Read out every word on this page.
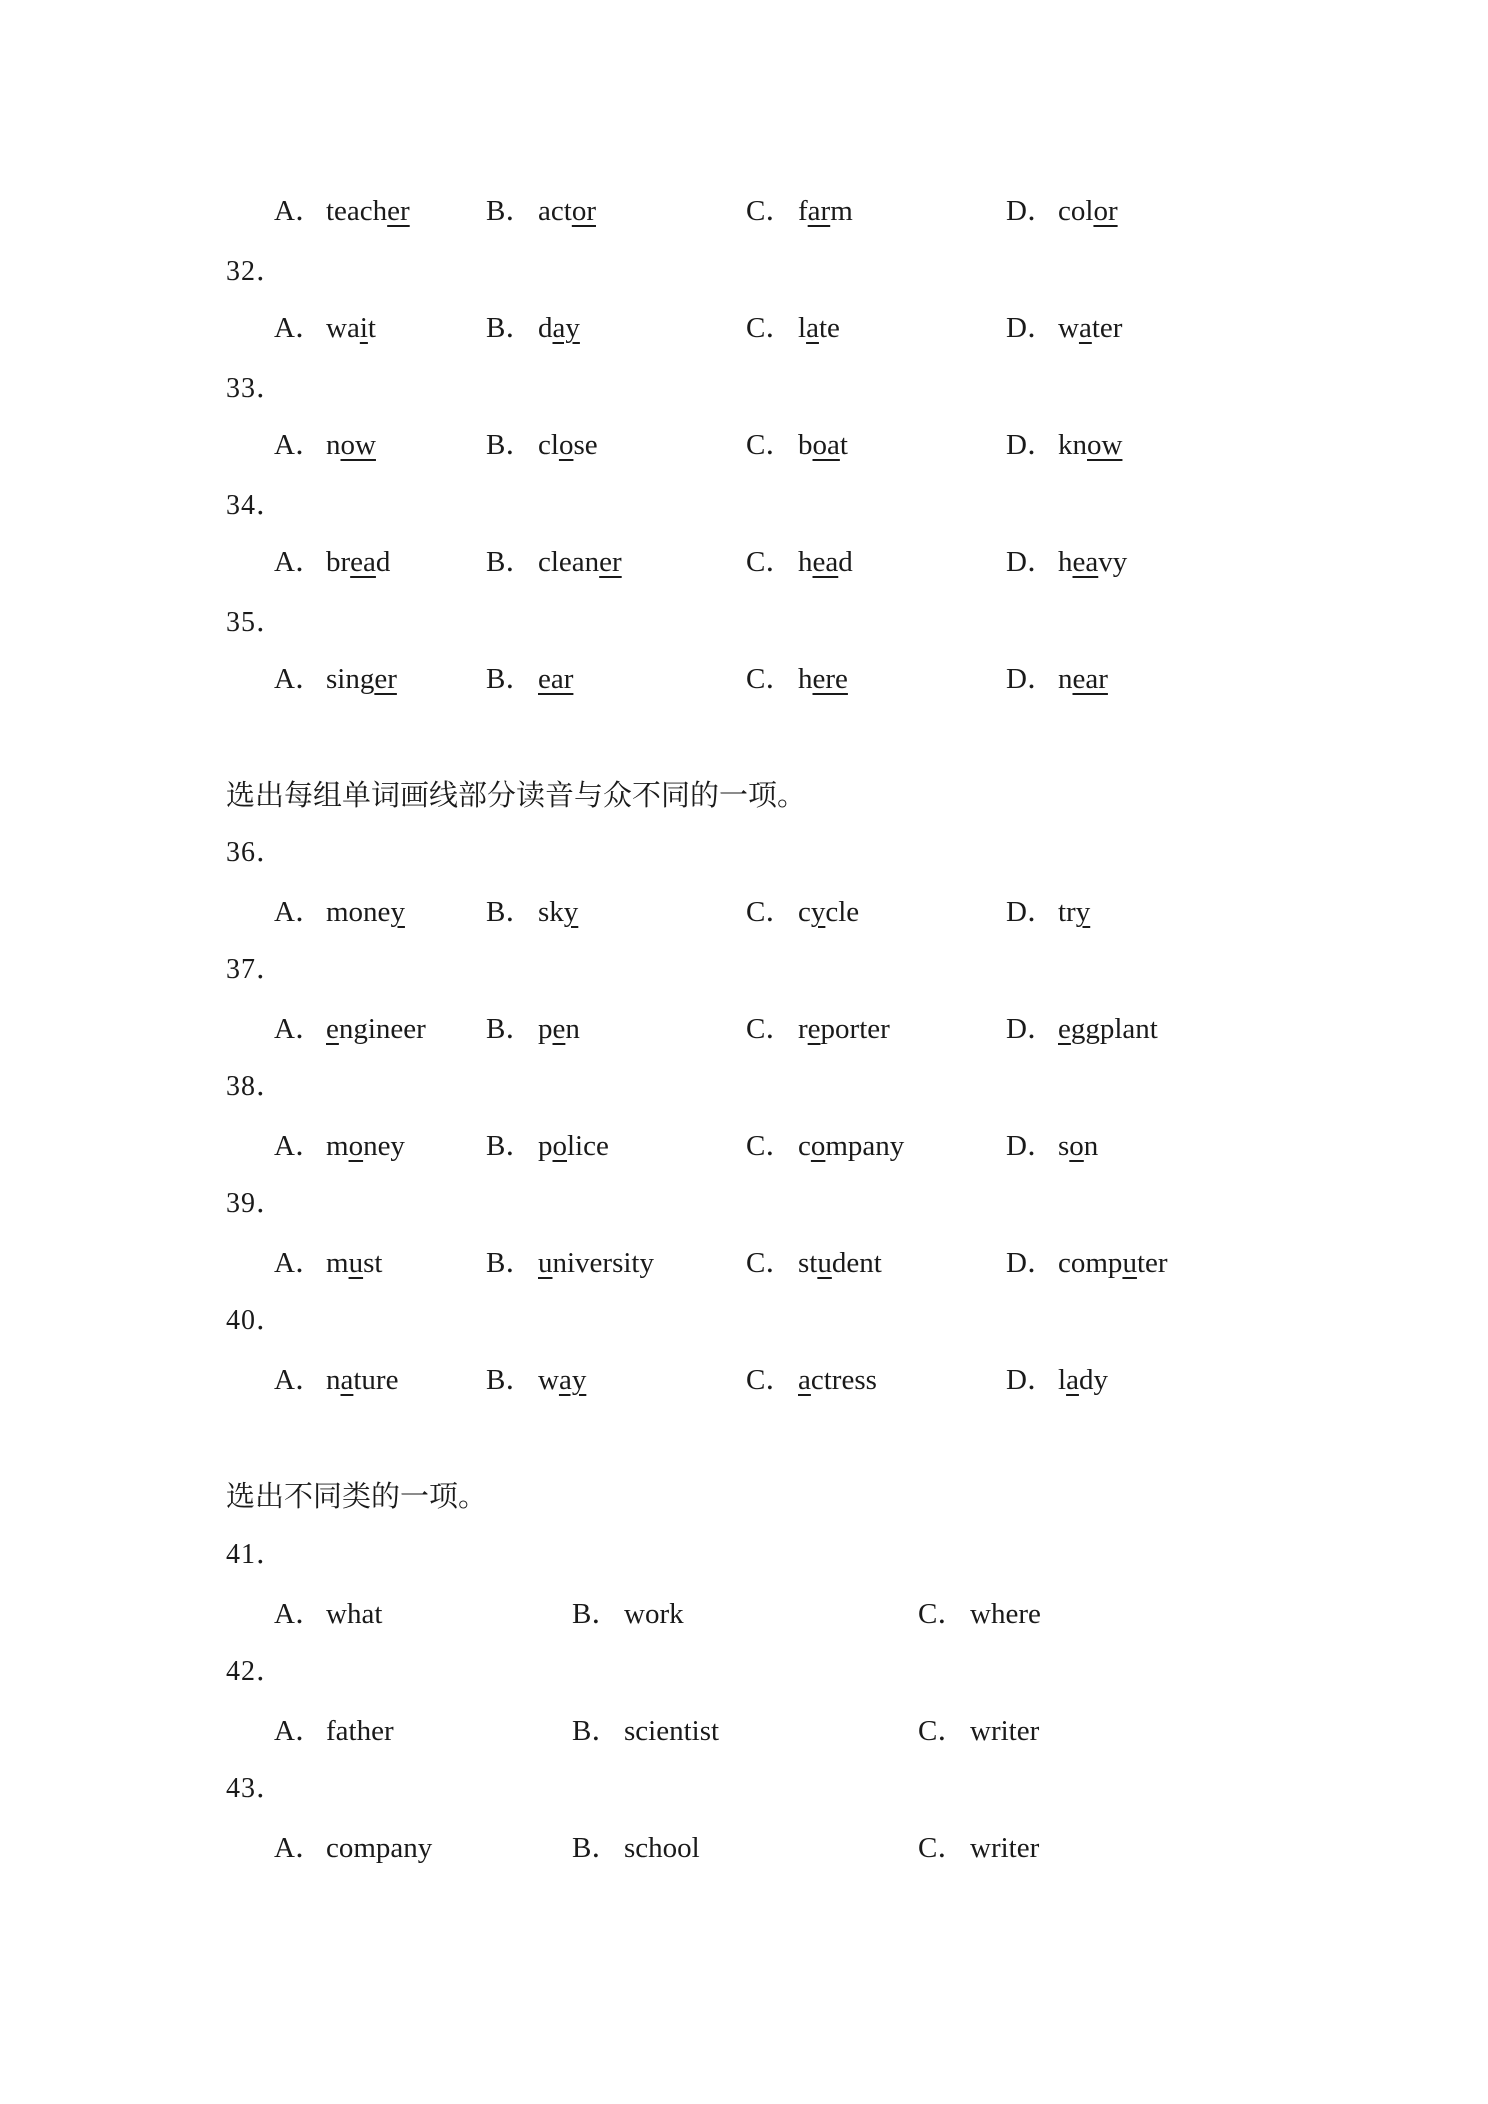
A．teacher	B． actor	C． farm	D．color
32．
A．wait	B． day	C． late	D．water
33．
A．now	B． close	C． boat	D．know
34．
A．bread	B． cleaner	C． head	D．heavy
35．
A．singer	B． ear	C． here	D．near
选出每组单词画线部分读音与众不同的一项。
36．
A．money	B． sky	C． cycle	D．try
37．
A．engineer B． pen	C． reporter	D．eggplant
38．
A．money	B． police	C． company	D．son
39．
A．must	B． university	C． student	D．computer
40．
A．nature	B． way	C． actress	D．lady
选出不同类的一项。
41．
A．what	B． work	C． where
42．
A．father	B． scientist	C． writer
43．
A．company	B． school	C． writer
